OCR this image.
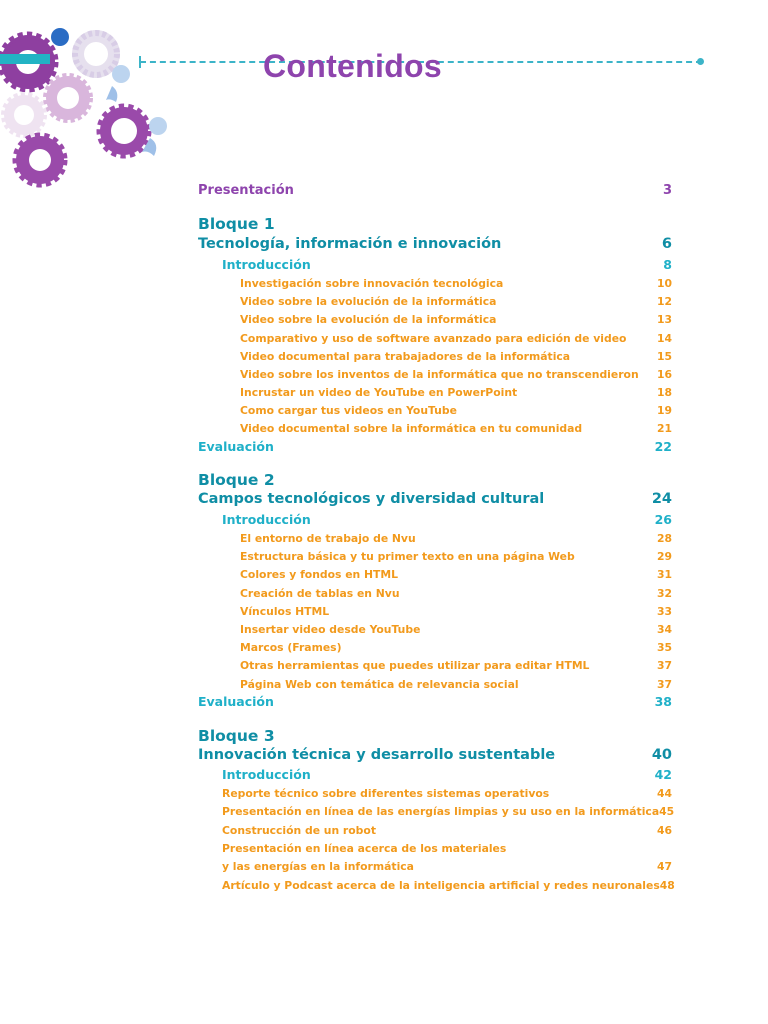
Contenidos
Presentación	3
Bloque 1
Tecnología, información e innovación	6
Introducción	8
Investigación sobre innovación tecnológica	10
Video sobre la evolución de la informática	12
Video sobre la evolución de la informática	13
Comparativo y uso de software avanzado para edición de video	14
Video documental para trabajadores de la informática	15
Video sobre los inventos de la informática que no transcendieron 16
Incrustar un video de YouTube en PowerPoint	18
Como cargar tus videos en YouTube	19
Video documental sobre la informática en tu comunidad	21
Evaluación	22
Bloque 2
Campos tecnológicos y diversidad cultural	24
Introducción	26
El entorno de trabajo de Nvu	28
Estructura básica y tu primer texto en una página Web	29
Colores y fondos en HTML	31
Creación de tablas en Nvu	32
Vínculos HTML	33
Insertar video desde YouTube	34
Marcos (Frames)	35
Otras herramientas que puedes utilizar para editar HTML	37
Página Web con temática de relevancia social	37
Evaluación	38
Bloque 3
Innovación técnica y desarrollo sustentable	40
Introducción	42
Reporte técnico sobre diferentes sistemas operativos	44
Presentación en línea de las energías limpias y su uso en la informática 45
Construcción de un robot	46
Presentación en línea acerca de los materiales
y las energías en la informática	47
Artículo y Podcast acerca de la inteligencia artificial y redes neuronales 48
